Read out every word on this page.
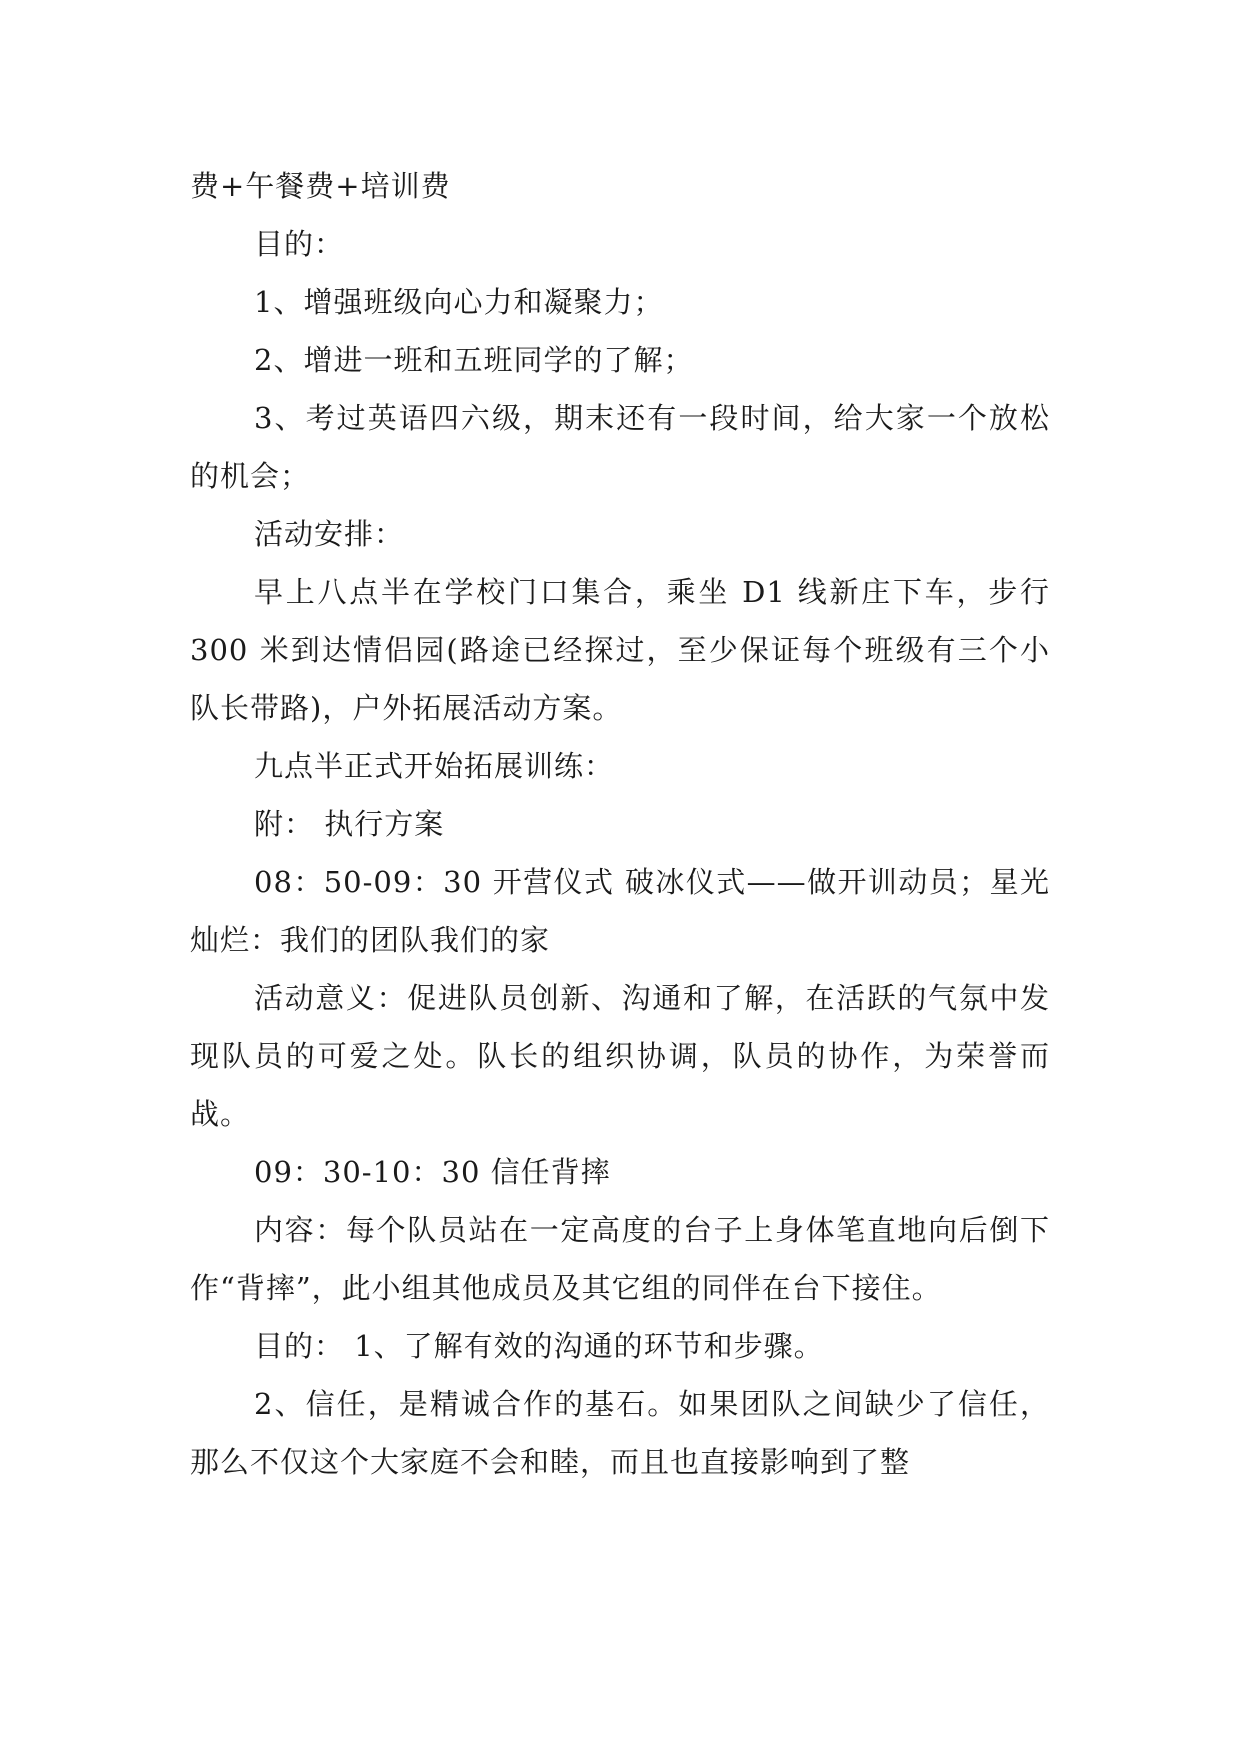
费+午餐费+培训费

目的：

1、增强班级向心力和凝聚力；

2、增进一班和五班同学的了解；

3、考过英语四六级，期末还有一段时间，给大家一个放松的机会；

活动安排：

早上八点半在学校门口集合，乘坐 D1 线新庄下车，步行 300 米到达情侣园(路途已经探过，至少保证每个班级有三个小队长带路)，户外拓展活动方案。

九点半正式开始拓展训练：

附： 执行方案

08：50-09：30 开营仪式 破冰仪式——做开训动员；星光灿烂：我们的团队我们的家

活动意义：促进队员创新、沟通和了解，在活跃的气氛中发现队员的可爱之处。队长的组织协调，队员的协作，为荣誉而战。

09：30-10：30 信任背摔

内容：每个队员站在一定高度的台子上身体笔直地向后倒下作“背摔”，此小组其他成员及其它组的同伴在台下接住。

目的： 1、了解有效的沟通的环节和步骤。

2、信任，是精诚合作的基石。如果团队之间缺少了信任，那么不仅这个大家庭不会和睦，而且也直接影响到了整
